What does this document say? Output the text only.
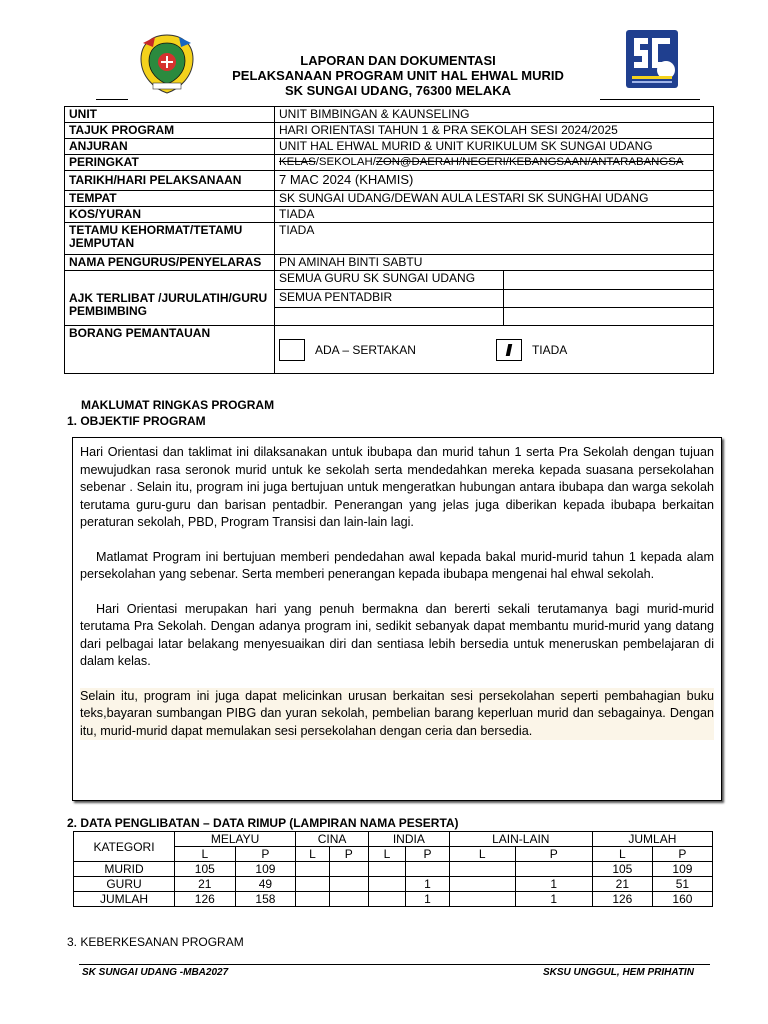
LAPORAN DAN DOKUMENTASI
PELAKSANAAN PROGRAM UNIT HAL EHWAL MURID
SK SUNGAI UDANG, 76300 MELAKA
UNIT	UNIT BIMBINGAN & KAUNSELING
TAJUK PROGRAM	HARI ORIENTASI TAHUN 1 & PRA SEKOLAH SESI 2024/2025
ANJURAN	UNIT HAL EHWAL MURID & UNIT KURIKULUM SK SUNGAI UDANG
PERINGKAT	KELAS/SEKOLAH/ZON@DAERAH/NEGERI/KEBANGSAAN/ANTARABANGSA
TARIKH/HARI PELAKSANAAN	7 MAC 2024 (KHAMIS)
TEMPAT	SK SUNGAI UDANG/DEWAN AULA LESTARI SK SUNGHAI UDANG
KOS/YURAN	TIADA
TETAMU KEHORMAT/TETAMU JEMPUTAN	TIADA
NAMA PENGURUS/PENYELARAS	PN AMINAH BINTI SABTU
AJK TERLIBAT /JURULATIH/GURU PEMBIMBING	
SEMUA GURU SK SUNGAI UDANG	
SEMUA PENTADBIR	

BORANG PEMANTAUAN	
ADA – SERTAKAN	TIADA
MAKLUMAT RINGKAS PROGRAM
1. OBJEKTIF PROGRAM

Hari Orientasi dan taklimat ini dilaksanakan untuk ibubapa dan murid tahun 1 serta Pra Sekolah dengan tujuan mewujudkan rasa seronok murid untuk ke sekolah serta mendedahkan mereka kepada suasana persekolahan sebenar . Selain itu, program ini juga bertujuan untuk mengeratkan hubungan antara ibubapa dan warga sekolah terutama guru-guru dan barisan pentadbir. Penerangan yang jelas juga diberikan kepada ibubapa berkaitan peraturan sekolah, PBD, Program Transisi dan lain-lain lagi.

Matlamat Program ini bertujuan memberi pendedahan awal kepada bakal murid-murid tahun 1 kepada alam persekolahan yang sebenar. Serta memberi penerangan kepada ibubapa mengenai hal ehwal sekolah.

Hari Orientasi merupakan hari yang penuh bermakna dan bererti sekali terutamanya bagi murid-murid terutama Pra Sekolah. Dengan adanya program ini, sedikit sebanyak dapat membantu murid-murid yang datang dari pelbagai latar belakang menyesuaikan diri dan sentiasa lebih bersedia untuk meneruskan pembelajaran di dalam kelas.

Selain itu, program ini juga dapat melicinkan urusan berkaitan sesi persekolahan seperti pembahagian buku teks,bayaran sumbangan PIBG dan yuran sekolah, pembelian barang keperluan murid dan sebagainya. Dengan itu, murid-murid dapat memulakan sesi persekolahan dengan ceria dan bersedia.

2. DATA PENGLIBATAN – DATA RIMUP (LAMPIRAN NAMA PESERTA)
KATEGORI	MELAYU		CINA		INDIA		LAIN-LAIN		JUMLAH	
	L	P	L	P	L	P	L	P	L	P
MURID	105	109							105	109
GURU	21	49				1		1	21	51
JUMLAH	126	158				1		1	126	160
3. KEBERKESANAN PROGRAM
SK SUNGAI UDANG -MBA2027	SKSU UNGGUL, HEM PRIHATIN
